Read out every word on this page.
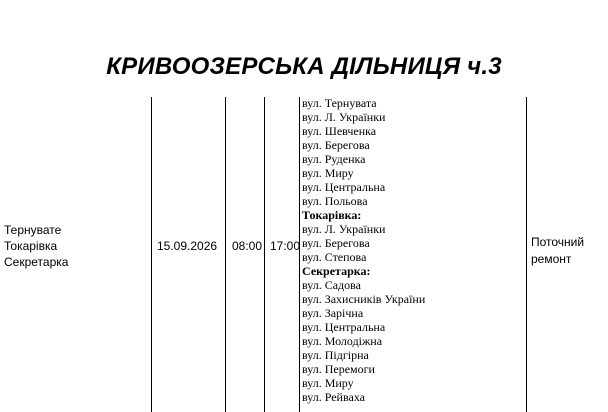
КРИВООЗЕРСЬКА ДІЛЬНИЦЯ ч.3
Тернувате
Токарівка
Секретарка
15.09.2026 08:00 17:00	Поточний ремонт
вул. Тернувата
вул. Л. Українки
вул. Шевченка
вул. Берегова
вул. Руденка
вул. Миру
вул. Центральна
вул. Польова
Токарівка:
вул. Л. Українки
вул. Берегова
вул. Степова
Секретарка:
вул. Садова
вул. Захисників України
вул. Зарічна
вул. Центральна
вул. Молодіжна
вул. Підгірна
вул. Перемоги
вул. Миру
вул. Рейваха
